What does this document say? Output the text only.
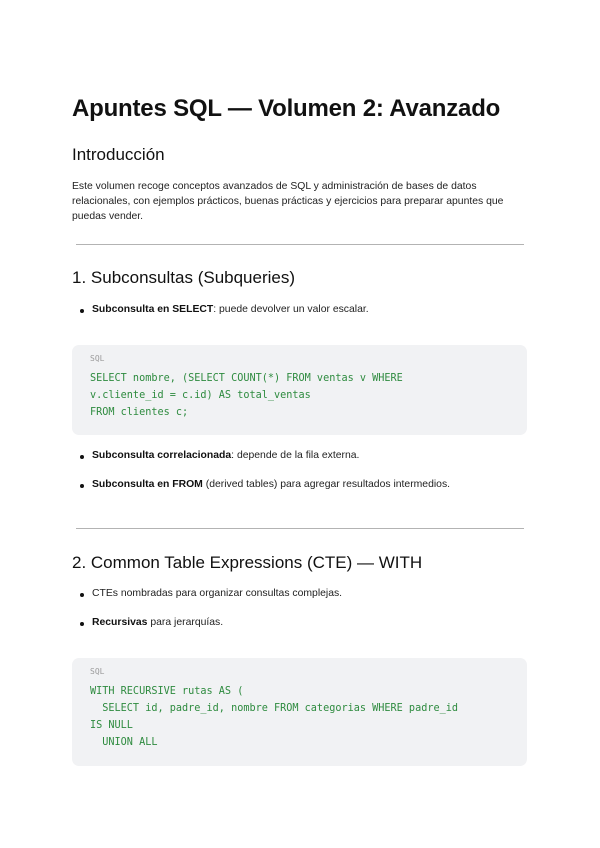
Apuntes SQL — Volumen 2: Avanzado
Introducción

Este volumen recoge conceptos avanzados de SQL y administración de bases de datos relacionales, con ejemplos prácticos, buenas prácticas y ejercicios para preparar apuntes que puedas vender.

1. Subconsultas (Subqueries)

Subconsulta en SELECT: puede devolver un valor escalar.

SQL
SELECT nombre, (SELECT COUNT(*) FROM ventas v WHERE
v.cliente_id = c.id) AS total_ventas
FROM clientes c;

Subconsulta correlacionada: depende de la fila externa.

Subconsulta en FROM (derived tables) para agregar resultados intermedios.

2. Common Table Expressions (CTE) — WITH

CTEs nombradas para organizar consultas complejas.

Recursivas para jerarquías.

SQL
WITH RECURSIVE rutas AS (
SELECT id, padre_id, nombre FROM categorias WHERE padre_id
IS NULL
UNION ALL
